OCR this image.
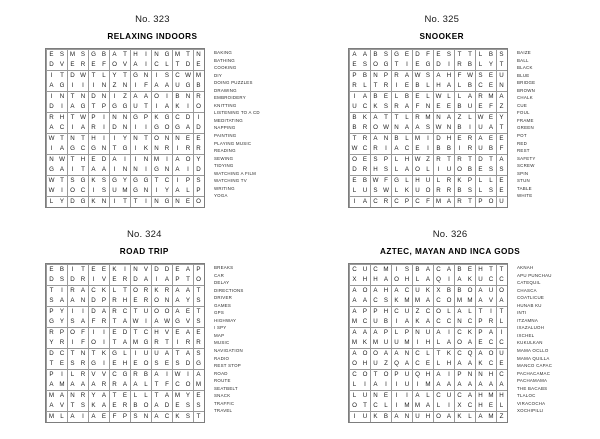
No. 323
RELAXING INDOORS
E	S M S G B	A	T	H	I	N G M T	N
D V	E	R E	F O V	A	I	C	L	T	D E
I	T	D W T	L	Y	T G N	I	S	C W M
A G	I	I	I	N	Z	N	I	F	A	A	U G B
I	N	T	N D N	I	Z	A	A O	I	B	N R
D	I	A G	T	P G G U	T	I	A	K	I	O
R H	T W P	I	N N G P	K G C D	I
A	C	I	A	R	I	D N	I	I	G O G A	D
W T	N	T	H	I	I	Y	N	T O N N E	E
I	A G C G N	T G	I	K	N R	I	R R
N W T	H E	D A	I	I	N M	I	A O Y
G A	I	T	A	A	I	N N	I	G N A	I	D
W T	S G K	S G Y G G	T	C	I	P	S
W	I	O C	I	S	U M G N	I	Y	A	L	P
L	Y	D G K	N	I	T	T	I	N G N E O
BAKING
BATHING
COOKING
DIY
DOING PUZZLES
DRAWING
EMBROIDERY
KNITTING
LISTENING TO A CD
MEDITATING
NAPPING
PAINTING
PLAYING MUSIC
READING
SEWING
TIDYING
WATCHING A FILM
WATCHING TV
WRITING
YOGA
No. 325
SNOOKER
A	A	B	S G E	D	F	E	S	T	T	L	B	S
E	S O G	T	I	E G D	I	R B	L	Y	T
P	B	N P	R A W S	A	H	F W S	E	U
R	L	T	R	I	E	B	L	H A	L	B	C E	N
I	A	B	E	L	B	E	L W L	L	A	R M A
U C K	S	R A	F	N E	E	B	U E	F	Z
B	K	A	T	T	L	R M N A	Z	L W E	Y
B	R O W N A	A	S W N B	I	U A	T
T	R A	N B	L	M	I	D H E	R A	E	E
W C R	I	A	C E	I	B	B	I	R U B	F
O E	S	P	L	H W Z	R	T	R	T	D	T	A
D R H S	L	A O	L	I	U O B	E	S	S
E	B W F G	L	H U	L	R K	P	L	L	E
L	U S W L	K	U O R R B	S	L	S	E
I	A	C R C P	C	F M A	R	T	P O U
BAIZE
BALL
BLACK
BLUE
BRIDGE
BROWN
CHALK
CUE
FOUL
FRAME
GREEN
POT
RED
REST
SAFETY
SCREW
SPIN
STUN
TABLE
WHITE
No. 324
ROAD TRIP
E	B	I	T	E	E	K	I	N V	D D E	A	P
D S	D R	I	V	E	R D A	I	A	P	T O
T	I	R A	C K	L	T O R K	R A	A	T
S	A	A	N D P	R H E	R O N A	Y	S
P	Y	I	I	D A	R C	T	U O O A	E	T
G Y	S	A	F	R	T	A W	I	A W G V	S
R P O	F	I	I	E	D	T	C H V	E	A	E
Y	R	I	F O	I	T	A M G R	T	I	R R
D C	T	N	T	K G	L	I	U U A	T	A	S
T	E	S	R G	I	E	H E O S	E	S	D G
P	I	L	R V	V	C G R B	A	I	W	I	A
A M A	A	A	R R A	A	L	T	F	C O M
M A	N R Y	A	T	E	L	L	T	A M Y	E
A	V	T	S	K	A	E	R B O A	D E	S	S
M L	A	I	A	E	F	P	S	N A	C K	S	T
BREAKS
CAR
DELAY
DIRECTIONS
DRIVER
GAMES
GPS
HIGHWAY
I SPY
MAP
MUSIC
NAVIGATION
RADIO
REST STOP
ROAD
ROUTE
SEATBELT
SNACK
TRAFFIC
TRAVEL
No. 326
AZTEC, MAYAN AND INCA GODS
C U C M	I	S	B	A	C A	B	E	H	T	T
X	H H A O H	L	A Q	I	A	K	U C C
A O A	H A	C U K	X	B	B O A	U O
A	A	C S	K M M A	C O M M A	V	A
A	P	P	H C U	Z	C O	L	A	L	T	I	T
M C U B	I	A	K	A	C C N C P	R	L
A	A	A	P	L	P	N U A	I	C K	P	A	I
M K M U U M	I	H	L	A O A	E	C C
A O O A	A	N C	L	T	K	C Q A O U
O H U	Z Q A	C E	L	H A	A	K	C E
C O	T O P	U Q H A	I	P	N N H C
L	I	A	I	I	U	I	M A	A	A	A	A	A	A
L	U N E	I	I	A	L	C U C A	H M H
O	T	C	L	I	M M A	L	I	X	C H E	L
I	U K	B	A	N U H O A	K	L	A M Z
AKNAH
APU PUNCHAU
CATEQUIL
CHASCA
COATLICUE
HUNAB KU
INTI
ITZAMNA
IXAZALUOH
IXCHEL
KUKULKAN
MAMA OCLLO
MAMA QUILLA
MANCO CAPAC
PACHACAMAC
PACHAMAMA
THE BACABS
TLALOC
VIRACOCHA
XOCHIPILLI
